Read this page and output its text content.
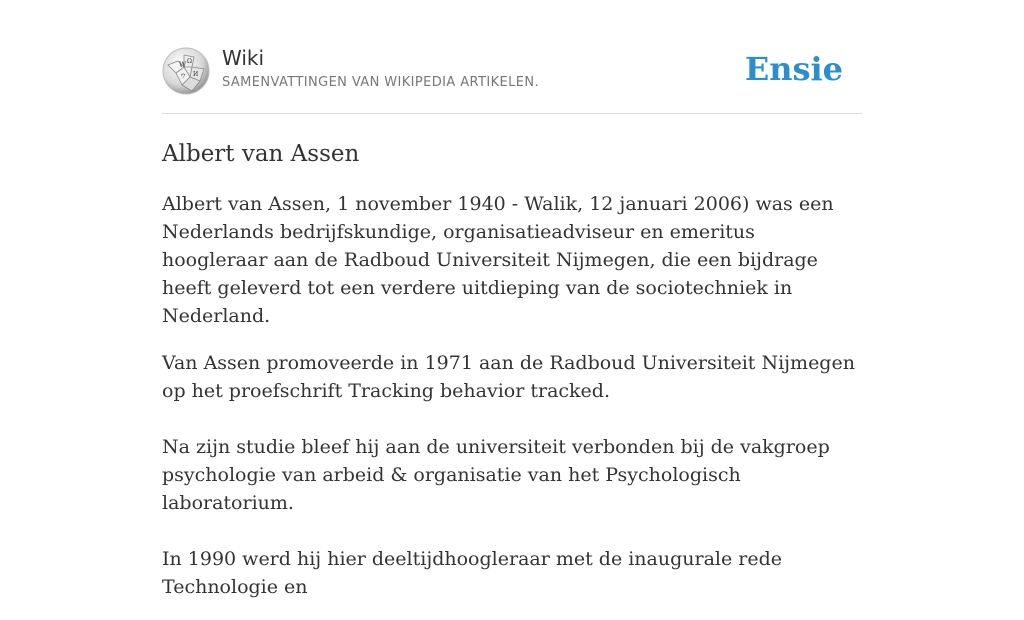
W Ω
И
ウ
Wiki
SAMENVATTINGEN VAN WIKIPEDIA ARTIKELEN.	Ensie
Albert van Assen

Albert van Assen, 1 november 1940 - Walik, 12 januari 2006) was een Nederlands bedrijfskundige, organisatieadviseur en emeritus hoogleraar aan de Radboud Universiteit Nijmegen, die een bijdrage heeft geleverd tot een verdere uitdieping van de sociotechniek in Nederland.

Van Assen promoveerde in 1971 aan de Radboud Universiteit Nijmegen op het proefschrift Tracking behavior tracked.

Na zijn studie bleef hij aan de universiteit verbonden bij de vakgroep psychologie van arbeid & organisatie van het Psychologisch laboratorium.

In 1990 werd hij hier deeltijdhoogleraar met de inaugurale rede Technologie en
